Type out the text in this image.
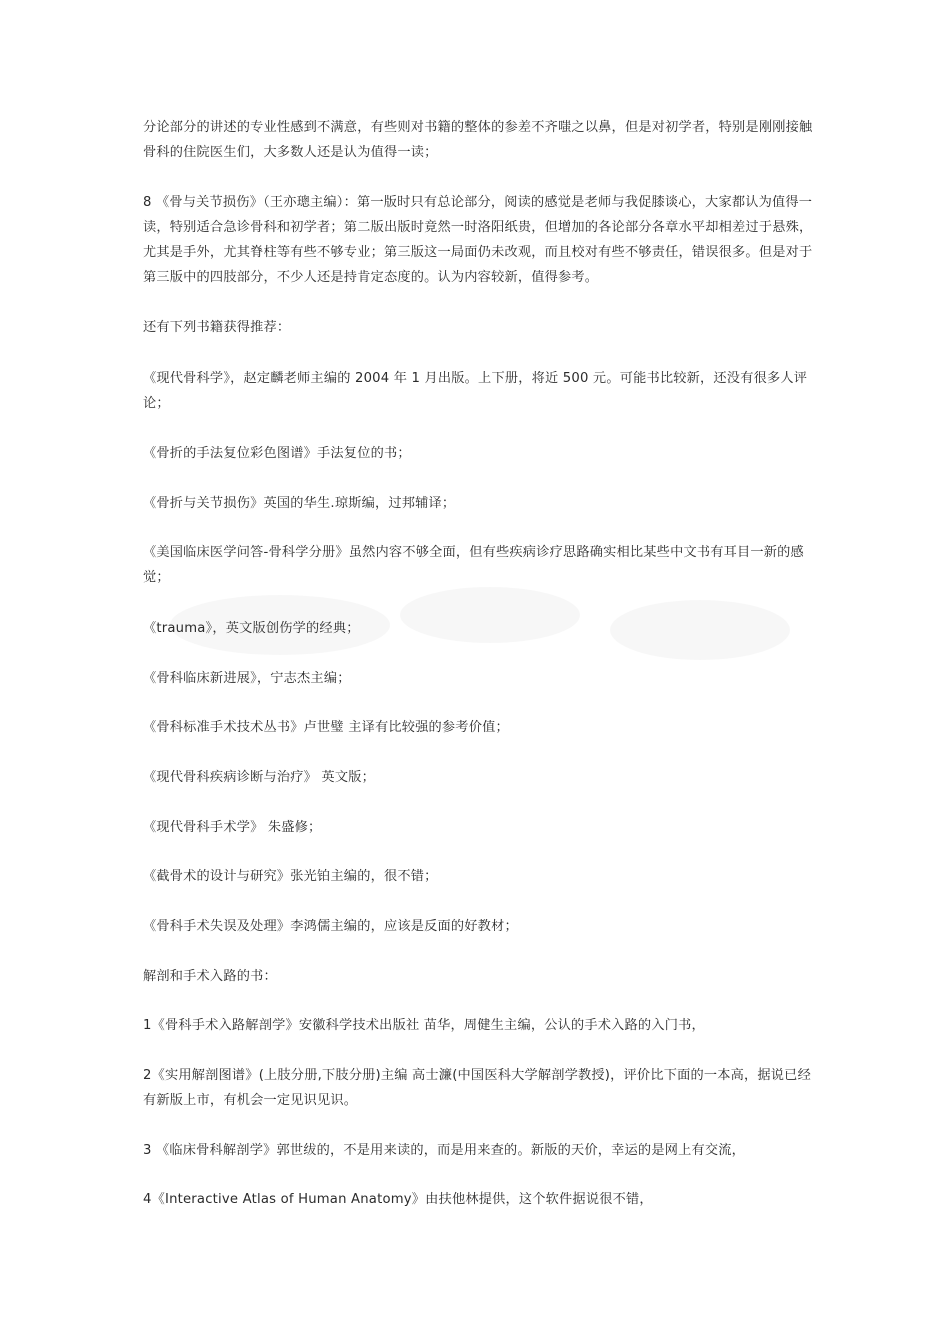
分论部分的讲述的专业性感到不满意，有些则对书籍的整体的参差不齐嗤之以鼻，但是对初学者，特别是刚刚接触骨科的住院医生们，大多数人还是认为值得一读；

8 《骨与关节损伤》（王亦璁主编）：第一版时只有总论部分，阅读的感觉是老师与我促膝谈心，大家都认为值得一读，特别适合急诊骨科和初学者；第二版出版时竟然一时洛阳纸贵，但增加的各论部分各章水平却相差过于悬殊，尤其是手外，尤其脊柱等有些不够专业；第三版这一局面仍未改观，而且校对有些不够责任，错误很多。但是对于第三版中的四肢部分，不少人还是持肯定态度的。认为内容较新，值得参考。

还有下列书籍获得推荐：

《现代骨科学》，赵定麟老师主编的 2004 年 1 月出版。上下册，将近 500 元。可能书比较新，还没有很多人评论；

《骨折的手法复位彩色图谱》手法复位的书；

《骨折与关节损伤》英国的华生.琼斯编，过邦辅译；

《美国临床医学问答-骨科学分册》虽然内容不够全面，但有些疾病诊疗思路确实相比某些中文书有耳目一新的感觉；

《trauma》，英文版创伤学的经典；

《骨科临床新进展》，宁志杰主编；

《骨科标准手术技术丛书》卢世璧 主译有比较强的参考价值；

《现代骨科疾病诊断与治疗》 英文版；

《现代骨科手术学》 朱盛修；

《截骨术的设计与研究》张光铂主编的，很不错；

《骨科手术失误及处理》李鸿儒主编的，应该是反面的好教材；

解剖和手术入路的书：

1《骨科手术入路解剖学》安徽科学技术出版社 苗华，周健生主编，公认的手术入路的入门书，

2《实用解剖图谱》(上肢分册,下肢分册)主编 高士濂(中国医科大学解剖学教授)，评价比下面的一本高，据说已经有新版上市，有机会一定见识见识。

3 《临床骨科解剖学》郭世绂的，不是用来读的，而是用来查的。新版的天价，幸运的是网上有交流，

4《Interactive Atlas of Human Anatomy》由扶他林提供，这个软件据说很不错，
